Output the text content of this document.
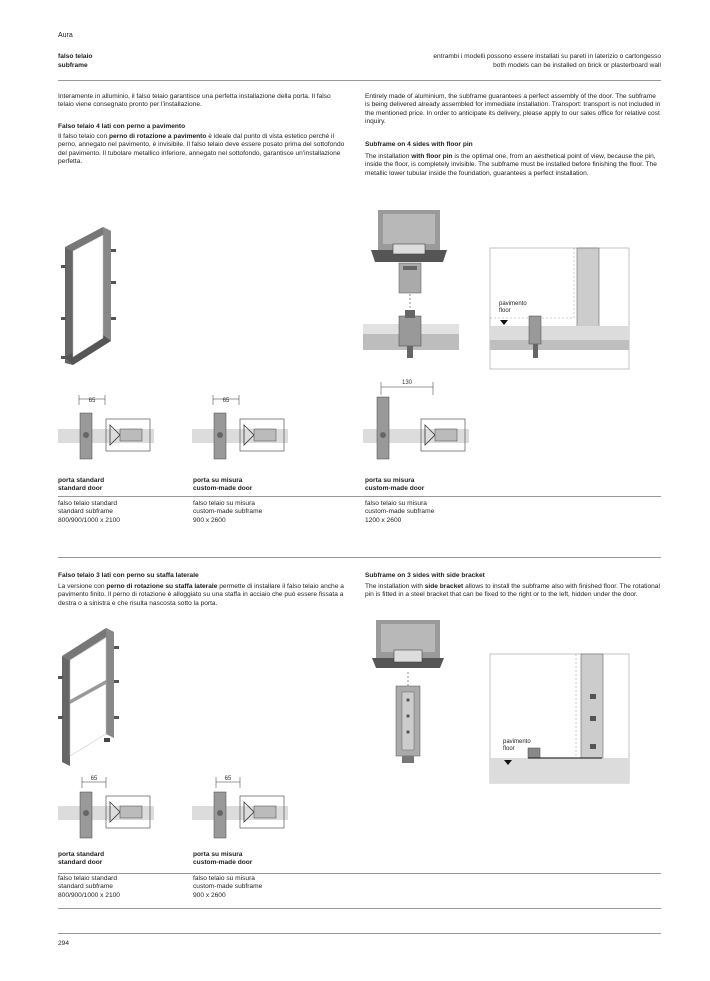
Aura
falso telaio
subframe
entrambi i modelli possono essere installati su pareti in laterizio o cartongesso
both models can be installed on brick or plasterboard wall
Interamente in alluminio, il falso telaio garantisce una perfetta installazione della porta. Il falso telaio viene consegnato pronto per l'installazione.
Entirely made of aluminium, the subframe guarantees a perfect assembly of the door. The subframe is being delivered already assembled for immediate installation. Transport: transport is not included in the mentioned price. In order to anticipate its delivery, please apply to our sales office for relative cost inquiry.
Falso telaio 4 lati con perno a pavimento
Il falso telaio con perno di rotazione a pavimento è ideale dal punto di vista estetico perché il perno, annegato nel pavimento, è invisibile. Il falso telaio deve essere posato prima del sottofondo del pavimento. Il tubolare metallico inferiore, annegato nel sottofondo, garantisce un'installazione perfetta.
Subframe on 4 sides with floor pin
The installation with floor pin is the optimal one, from an aesthetical point of view, because the pin, inside the floor, is completely invisible. The subframe must be installed before finishing the floor. The metallic lower tubular inside the foundation, guarantees a perfect installation.
pavimento
floor
65	65
130
porta standard
standard door
falso telaio standard
standard subframe
800/900/1000 x 2100
porta su misura
custom-made door
falso telaio su misura
custom-made subframe
900 x 2600
porta su misura
custom-made door
falso telaio su misura
custom-made subframe
1200 x 2600
Falso telaio 3 lati con perno su staffa laterale
La versione con perno di rotazione su staffa laterale permette di installare il falso telaio anche a pavimento finito. Il perno di rotazione è alloggiato su una staffa in acciaio che può essere fissata a destra o a sinistra e che risulta nascosta sotto la porta.
Subframe on 3 sides with side bracket
The installation with side bracket allows to install the subframe also with finished floor. The rotational pin is fitted in a steel bracket that can be fixed to the right or to the left, hidden under the door.
pavimento
floor
65	65
porta standard
standard door
falso telaio standard
standard subframe
800/900/1000 x 2100
porta su misura
custom-made door
falso telaio su misura
custom-made subframe
900 x 2600
294
